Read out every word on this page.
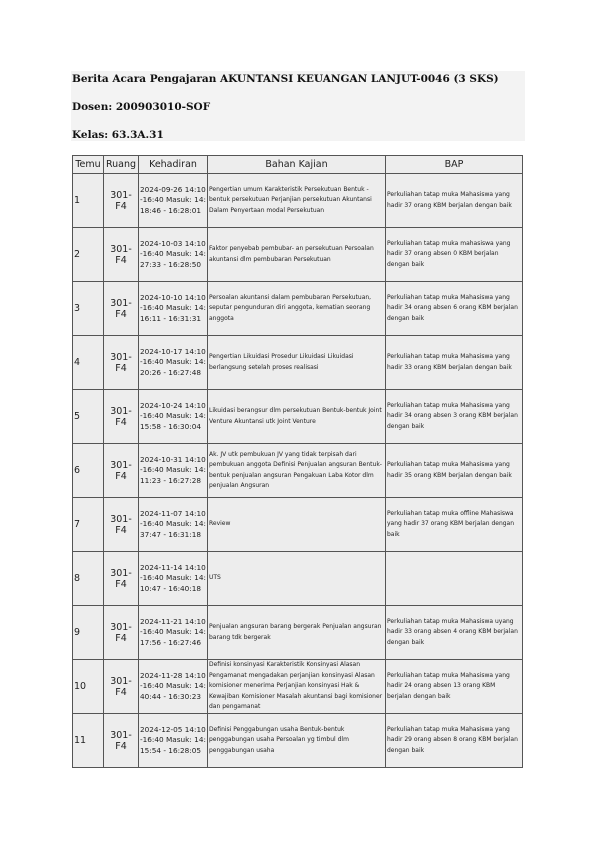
Berita Acara Pengajaran AKUNTANSI KEUANGAN LANJUT-0046 (3 SKS)

Dosen: 200903010-SOF

Kelas: 63.3A.31

Temu	Ruang	Kehadiran	Bahan Kajian	BAP
1	301-F4	2024-09-26 14:10-16:40 Masuk: 14:18:46 - 16:28:01	Pengertian umum Karakteristik Persekutuan Bentuk - bentuk persekutuan Perjanjian persekutuan Akuntansi Dalam Penyertaan modal Persekutuan	Perkuliahan tatap muka Mahasiswa yang hadir 37 orang KBM berjalan dengan baik
2	301-F4	2024-10-03 14:10-16:40 Masuk: 14:27:33 - 16:28:50	Faktor penyebab pembubar- an persekutuan Persoalan akuntansi dlm pembubaran Persekutuan	Perkuliahan tatap muka mahasiswa yang hadir 37 orang absen 0 KBM berjalan dengan baik
3	301-F4	2024-10-10 14:10-16:40 Masuk: 14:16:11 - 16:31:31	Persoalan akuntansi dalam pembubaran Persekutuan, seputar pengunduran diri anggota, kematian seorang anggota	Perkuliahan tatap muka Mahasiswa yang hadir 34 orang absen 6 orang KBM berjalan dengan baik
4	301-F4	2024-10-17 14:10-16:40 Masuk: 14:20:26 - 16:27:48	Pengertian Likuidasi Prosedur Likuidasi Likuidasi berlangsung setelah proses realisasi	Perkuliahan tatap muka Mahasiswa yang hadir 33 orang KBM berjalan dengan baik
5	301-F4	2024-10-24 14:10-16:40 Masuk: 14:15:58 - 16:30:04	Likuidasi berangsur dlm persekutuan Bentuk-bentuk Joint Venture Akuntansi utk Joint Venture	Perkuliahan tatap muka Mahasiswa yang hadir 34 orang absen 3 orang KBM berjalan dengan baik
6	301-F4	2024-10-31 14:10-16:40 Masuk: 14:11:23 - 16:27:28	Ak. JV utk pembukuan JV yang tidak terpisah dari pembukuan anggota Definisi Penjualan angsuran Bentuk-bentuk penjualan angsuran Pengakuan Laba Kotor dlm penjualan Angsuran	Perkuliahan tatap muka Mahasiswa yang hadir 35 orang KBM berjalan dengan baik
7	301-F4	2024-11-07 14:10-16:40 Masuk: 14:37:47 - 16:31:18	Review	Perkuliahan tatap muka offline Mahasiswa yang hadir 37 orang KBM berjalan dengan baik
8	301-F4	2024-11-14 14:10-16:40 Masuk: 14:10:47 - 16:40:18	UTS	
9	301-F4	2024-11-21 14:10-16:40 Masuk: 14:17:56 - 16:27:46	Penjualan angsuran barang bergerak Penjualan angsuran barang tdk bergerak	Perkuliahan tatap muka Mahasiswa uyang hadir 33 orang absen 4 orang KBM berjalan dengan baik
10	301-F4	2024-11-28 14:10-16:40 Masuk: 14:40:44 - 16:30:23	Definisi konsinyasi Karakteristik Konsinyasi Alasan Pengamanat mengadakan perjanjian konsinyasi Alasan komisioner menerima Perjanjian konsinyasi Hak & Kewajiban Komisioner Masalah akuntansi bagi komisioner dan pengamanat	Perkuliahan tatap muka Mahasiswa yang hadir 24 orang absen 13 orang KBM berjalan dengan baik
11	301-F4	2024-12-05 14:10-16:40 Masuk: 14:15:54 - 16:28:05	Definisi Penggabungan usaha Bentuk-bentuk penggabungan usaha Persoalan yg timbul dlm penggabungan usaha	Perkuliahan tatap muka Mahasiswa yang hadir 29 orang absen 8 orang KBM berjalan dengan baik
